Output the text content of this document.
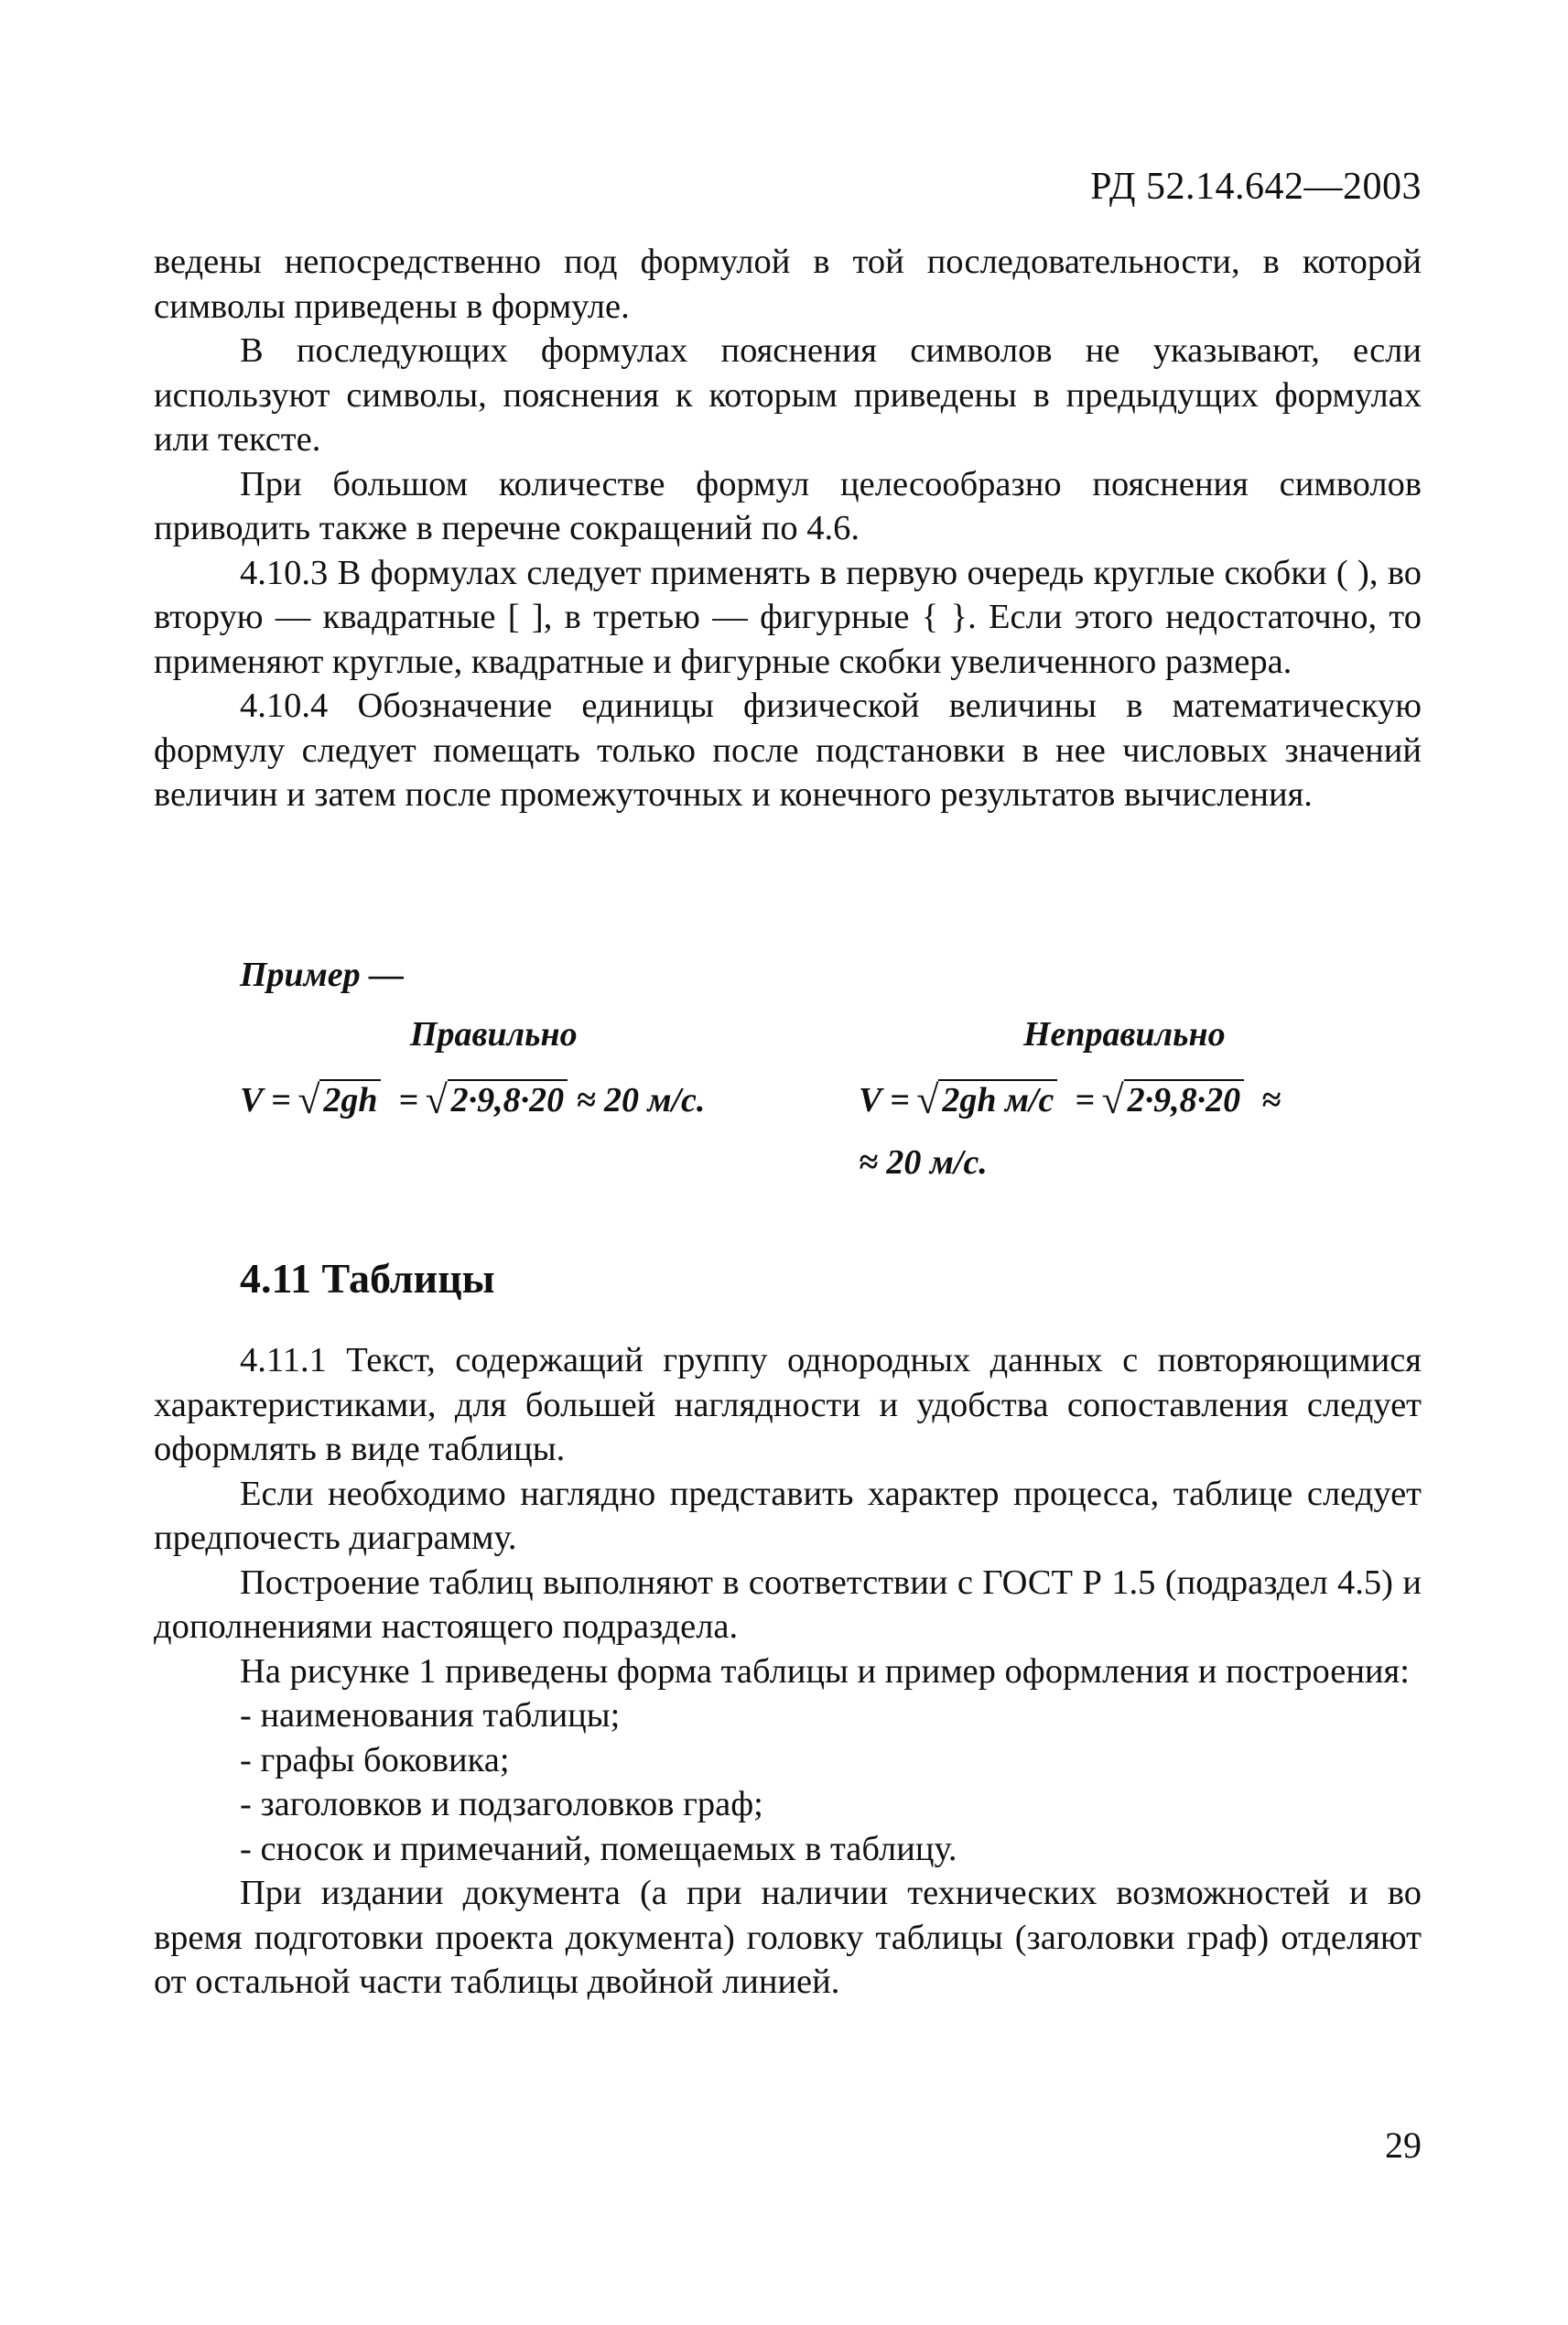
РД 52.14.642—2003

ведены непосредственно под формулой в той последовательности, в которой символы приведены в формуле.

В последующих формулах пояснения символов не указывают, если используют символы, пояснения к которым приведены в предыдущих формулах или тексте.

При большом количестве формул целесообразно пояснения символов приводить также в перечне сокращений по 4.6.

4.10.3 В формулах следует применять в первую очередь круглые скобки ( ), во вторую — квадратные [ ], в третью — фигурные { }. Если этого недостаточно, то применяют круглые, квадратные и фигурные скобки увеличенного размера.

4.10.4 Обозначение единицы физической величины в математическую формулу следует помещать только после подстановки в нее числовых значений величин и затем после промежуточных и конечного результатов вычисления.

Пример —
Правильно	Неправильно
V = √ 2gh = √ 2·9,8·20 ≈ 20 м/с.	V = √ 2gh м/с = √ 2·9,8·20 ≈
≈ 20 м/с.
4.11 Таблицы

4.11.1 Текст, содержащий группу однородных данных с повторяющимися характеристиками, для большей наглядности и удобства сопоставления следует оформлять в виде таблицы.

Если необходимо наглядно представить характер процесса, таблице следует предпочесть диаграмму.

Построение таблиц выполняют в соответствии с ГОСТ Р 1.5 (подраздел 4.5) и дополнениями настоящего подраздела.

На рисунке 1 приведены форма таблицы и пример оформления и построения:

- наименования таблицы;

- графы боковика;

- заголовков и подзаголовков граф;

- сносок и примечаний, помещаемых в таблицу.

При издании документа (а при наличии технических возможностей и во время подготовки проекта документа) головку таблицы (заголовки граф) отделяют от остальной части таблицы двойной линией.

29
